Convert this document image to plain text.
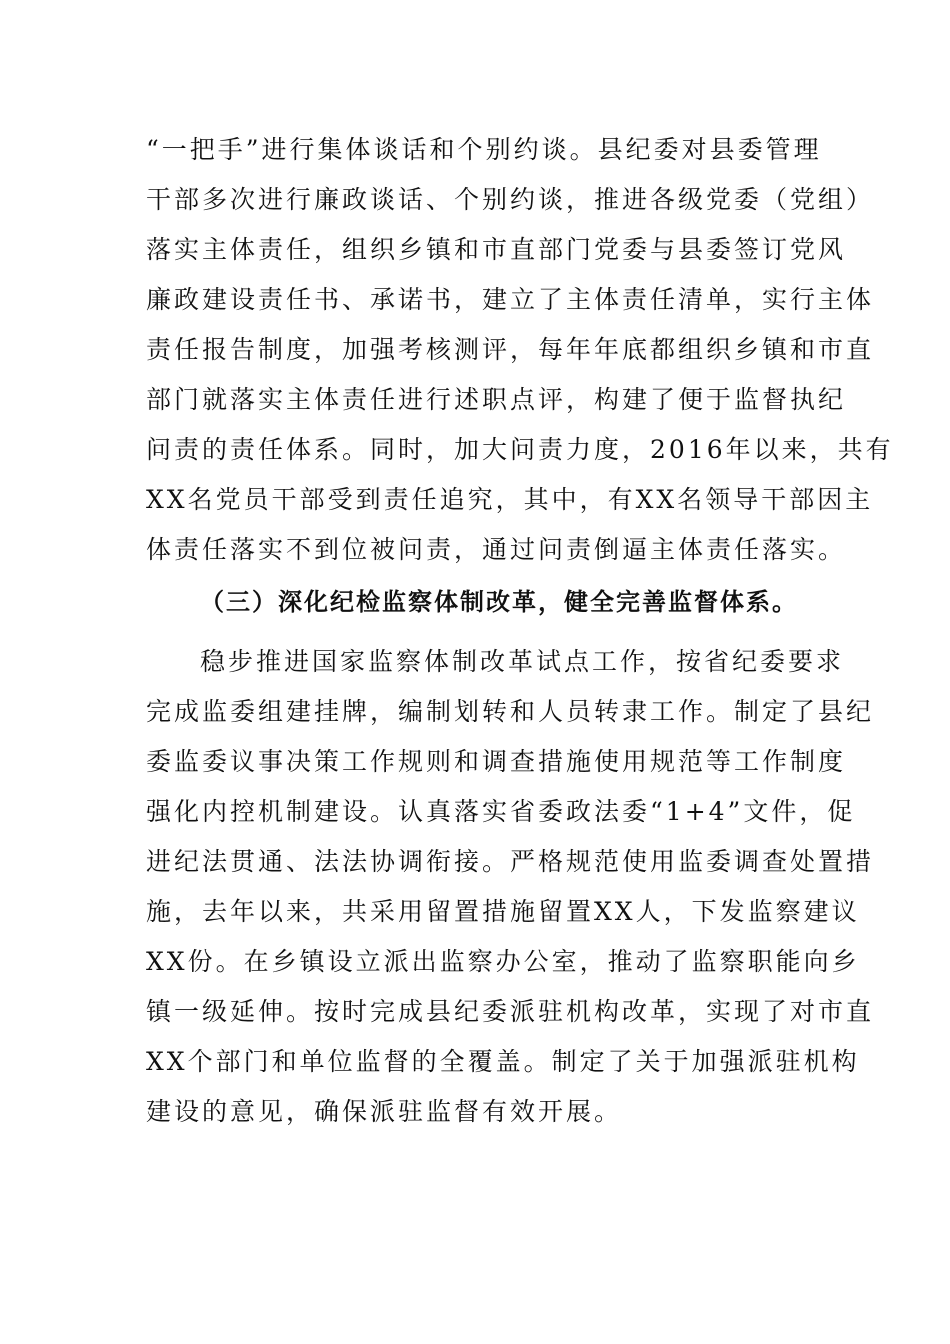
“一把手”进行集体谈话和个别约谈。县纪委对县委管理
干部多次进行廉政谈话、个别约谈，推进各级党委（党组）
落实主体责任，组织乡镇和市直部门党委与县委签订党风
廉政建设责任书、承诺书，建立了主体责任清单，实行主体
责任报告制度，加强考核测评，每年年底都组织乡镇和市直
部门就落实主体责任进行述职点评，构建了便于监督执纪
问责的责任体系。同时，加大问责力度，2016年以来，共有
XX名党员干部受到责任追究，其中，有XX名领导干部因主
体责任落实不到位被问责，通过问责倒逼主体责任落实。
（三）深化纪检监察体制改革，健全完善监督体系。
稳步推进国家监察体制改革试点工作，按省纪委要求
完成监委组建挂牌，编制划转和人员转隶工作。制定了县纪
委监委议事决策工作规则和调查措施使用规范等工作制度
强化内控机制建设。认真落实省委政法委“1+4”文件，促
进纪法贯通、法法协调衔接。严格规范使用监委调查处置措
施，去年以来，共采用留置措施留置XX人，下发监察建议
XX份。在乡镇设立派出监察办公室，推动了监察职能向乡
镇一级延伸。按时完成县纪委派驻机构改革，实现了对市直
XX个部门和单位监督的全覆盖。制定了关于加强派驻机构
建设的意见，确保派驻监督有效开展。
